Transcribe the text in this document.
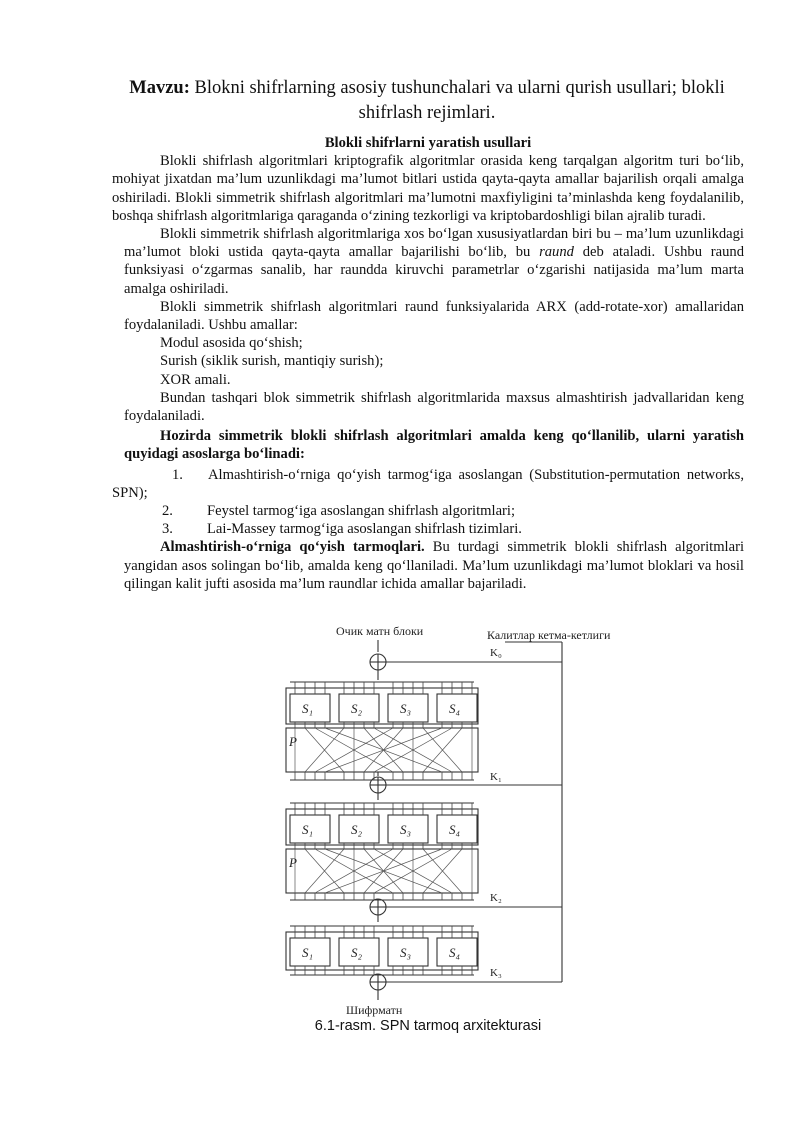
Mavzu: Blokni shifrlarning asosiy tushunchalari va ularni qurish usullari; blokli shifrlash rejimlari.

Blokli shifrlarni yaratish usullari

Blokli shifrlash algoritmlari kriptografik algoritmlar orasida keng tarqalgan algoritm turi bo‘lib, mohiyat jixatdan ma’lum uzunlikdagi ma’lumot bitlari ustida qayta-qayta amallar bajarilish orqali amalga oshiriladi. Blokli simmetrik shifrlash algoritmlari ma’lumotni maxfiyligini ta’minlashda keng foydalanilib, boshqa shifrlash algoritmlariga qaraganda o‘zining tezkorligi va kriptobardoshligi bilan ajralib turadi.

Blokli simmetrik shifrlash algoritmlariga xos bo‘lgan xususiyatlardan biri bu – ma’lum uzunlikdagi ma’lumot bloki ustida qayta-qayta amallar bajarilishi bo‘lib, bu raund deb ataladi. Ushbu raund funksiyasi o‘zgarmas sanalib, har raundda kiruvchi parametrlar o‘zgarishi natijasida ma’lum marta amalga oshiriladi.

Blokli simmetrik shifrlash algoritmlari raund funksiyalarida ARX (add-rotate-xor) amallaridan foydalaniladi. Ushbu amallar:

Modul asosida qo‘shish;

Surish (siklik surish, mantiqiy surish);

XOR amali.

Bundan tashqari blok simmetrik shifrlash algoritmlarida maxsus almashtirish jadvallaridan keng foydalaniladi.

Hozirda simmetrik blokli shifrlash algoritmlari amalda keng qo‘llanilib, ularni yaratish quyidagi asoslarga bo‘linadi:

1. Almashtirish-o‘rniga qo‘yish tarmog‘iga asoslangan (Substitution-permutation networks, SPN);

2. Feystel tarmog‘iga asoslangan shifrlash algoritmlari;

3. Lai-Massey tarmog‘iga asoslangan shifrlash tizimlari.

Almashtirish-o‘rniga qo‘yish tarmoqlari. Bu turdagi simmetrik blokli shifrlash algoritmlari yangidan asos solingan bo‘lib, amalda keng qo‘llaniladi. Ma’lum uzunlikdagi ma’lumot bloklari va hosil qilingan kalit jufti asosida ma’lum raundlar ichida amallar bajariladi.

S₁	S₂	S₃	S₄
S₁	S₂	S₃	S₄
S₁	S₂	S₃	S₄
Очик матн блоки	Калитлар кетма-кетлиги
K₀
K₁
K₂
K₃
P
P
Шифрматн
6.1-rasm. SPN tarmoq arxitekturasi
